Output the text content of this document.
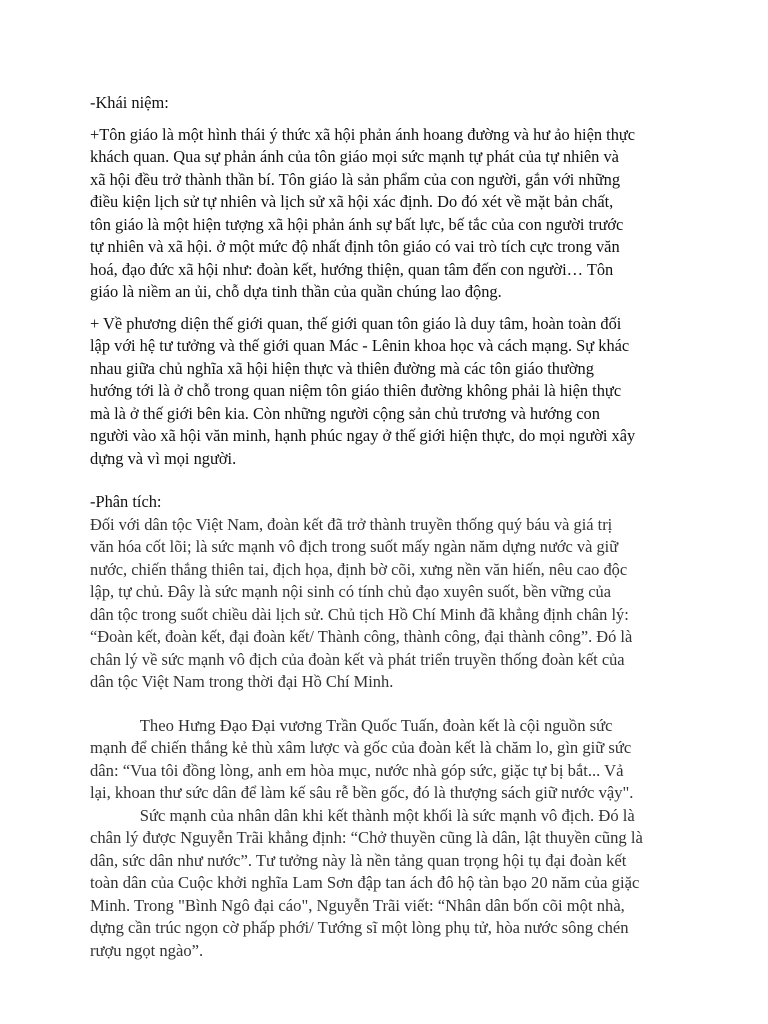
-Khái niệm:

+Tôn giáo là một hình thái ý thức xã hội phản ánh hoang đường và hư ảo hiện thực
khách quan. Qua sự phản ánh của tôn giáo mọi sức mạnh tự phát của tự nhiên và
xã hội đều trở thành thần bí. Tôn giáo là sản phẩm của con người, gắn với những
điều kiện lịch sử tự nhiên và lịch sử xã hội xác định. Do đó xét về mặt bản chất,
tôn giáo là một hiện tượng xã hội phản ánh sự bất lực, bế tắc của con người trước
tự nhiên và xã hội. ở một mức độ nhất định tôn giáo có vai trò tích cực trong văn
hoá, đạo đức xã hội như: đoàn kết, hướng thiện, quan tâm đến con người… Tôn
giáo là niềm an ủi, chỗ dựa tinh thần của quần chúng lao động.

+ Về phương diện thế giới quan, thế giới quan tôn giáo là duy tâm, hoàn toàn đối
lập với hệ tư tưởng và thế giới quan Mác - Lênin khoa học và cách mạng. Sự khác
nhau giữa chủ nghĩa xã hội hiện thực và thiên đường mà các tôn giáo thường
hướng tới là ở chỗ trong quan niệm tôn giáo thiên đường không phải là hiện thực
mà là ở thế giới bên kia. Còn những người cộng sản chủ trương và hướng con
người vào xã hội văn minh, hạnh phúc ngay ở thế giới hiện thực, do mọi người xây
dựng và vì mọi người.

-Phân tích:

Đối với dân tộc Việt Nam, đoàn kết đã trở thành truyền thống quý báu và giá trị
văn hóa cốt lõi; là sức mạnh vô địch trong suốt mấy ngàn năm dựng nước và giữ
nước, chiến thắng thiên tai, địch họa, định bờ cõi, xưng nền văn hiến, nêu cao độc
lập, tự chủ. Đây là sức mạnh nội sinh có tính chủ đạo xuyên suốt, bền vững của
dân tộc trong suốt chiều dài lịch sử. Chủ tịch Hồ Chí Minh đã khẳng định chân lý:
“Đoàn kết, đoàn kết, đại đoàn kết/ Thành công, thành công, đại thành công”. Đó là
chân lý về sức mạnh vô địch của đoàn kết và phát triển truyền thống đoàn kết của
dân tộc Việt Nam trong thời đại Hồ Chí Minh.

Theo Hưng Đạo Đại vương Trần Quốc Tuấn, đoàn kết là cội nguồn sức
mạnh để chiến thắng kẻ thù xâm lược và gốc của đoàn kết là chăm lo, gìn giữ sức
dân: “Vua tôi đồng lòng, anh em hòa mục, nước nhà góp sức, giặc tự bị bắt... Vả
lại, khoan thư sức dân để làm kế sâu rễ bền gốc, đó là thượng sách giữ nước vậy".
Sức mạnh của nhân dân khi kết thành một khối là sức mạnh vô địch. Đó là
chân lý được Nguyễn Trãi khẳng định: “Chở thuyền cũng là dân, lật thuyền cũng là
dân, sức dân như nước”. Tư tưởng này là nền tảng quan trọng hội tụ đại đoàn kết
toàn dân của Cuộc khởi nghĩa Lam Sơn đập tan ách đô hộ tàn bạo 20 năm của giặc
Minh. Trong "Bình Ngô đại cáo", Nguyễn Trãi viết: “Nhân dân bốn cõi một nhà,
dựng cần trúc ngọn cờ phấp phới/ Tướng sĩ một lòng phụ tử, hòa nước sông chén
rượu ngọt ngào”.
